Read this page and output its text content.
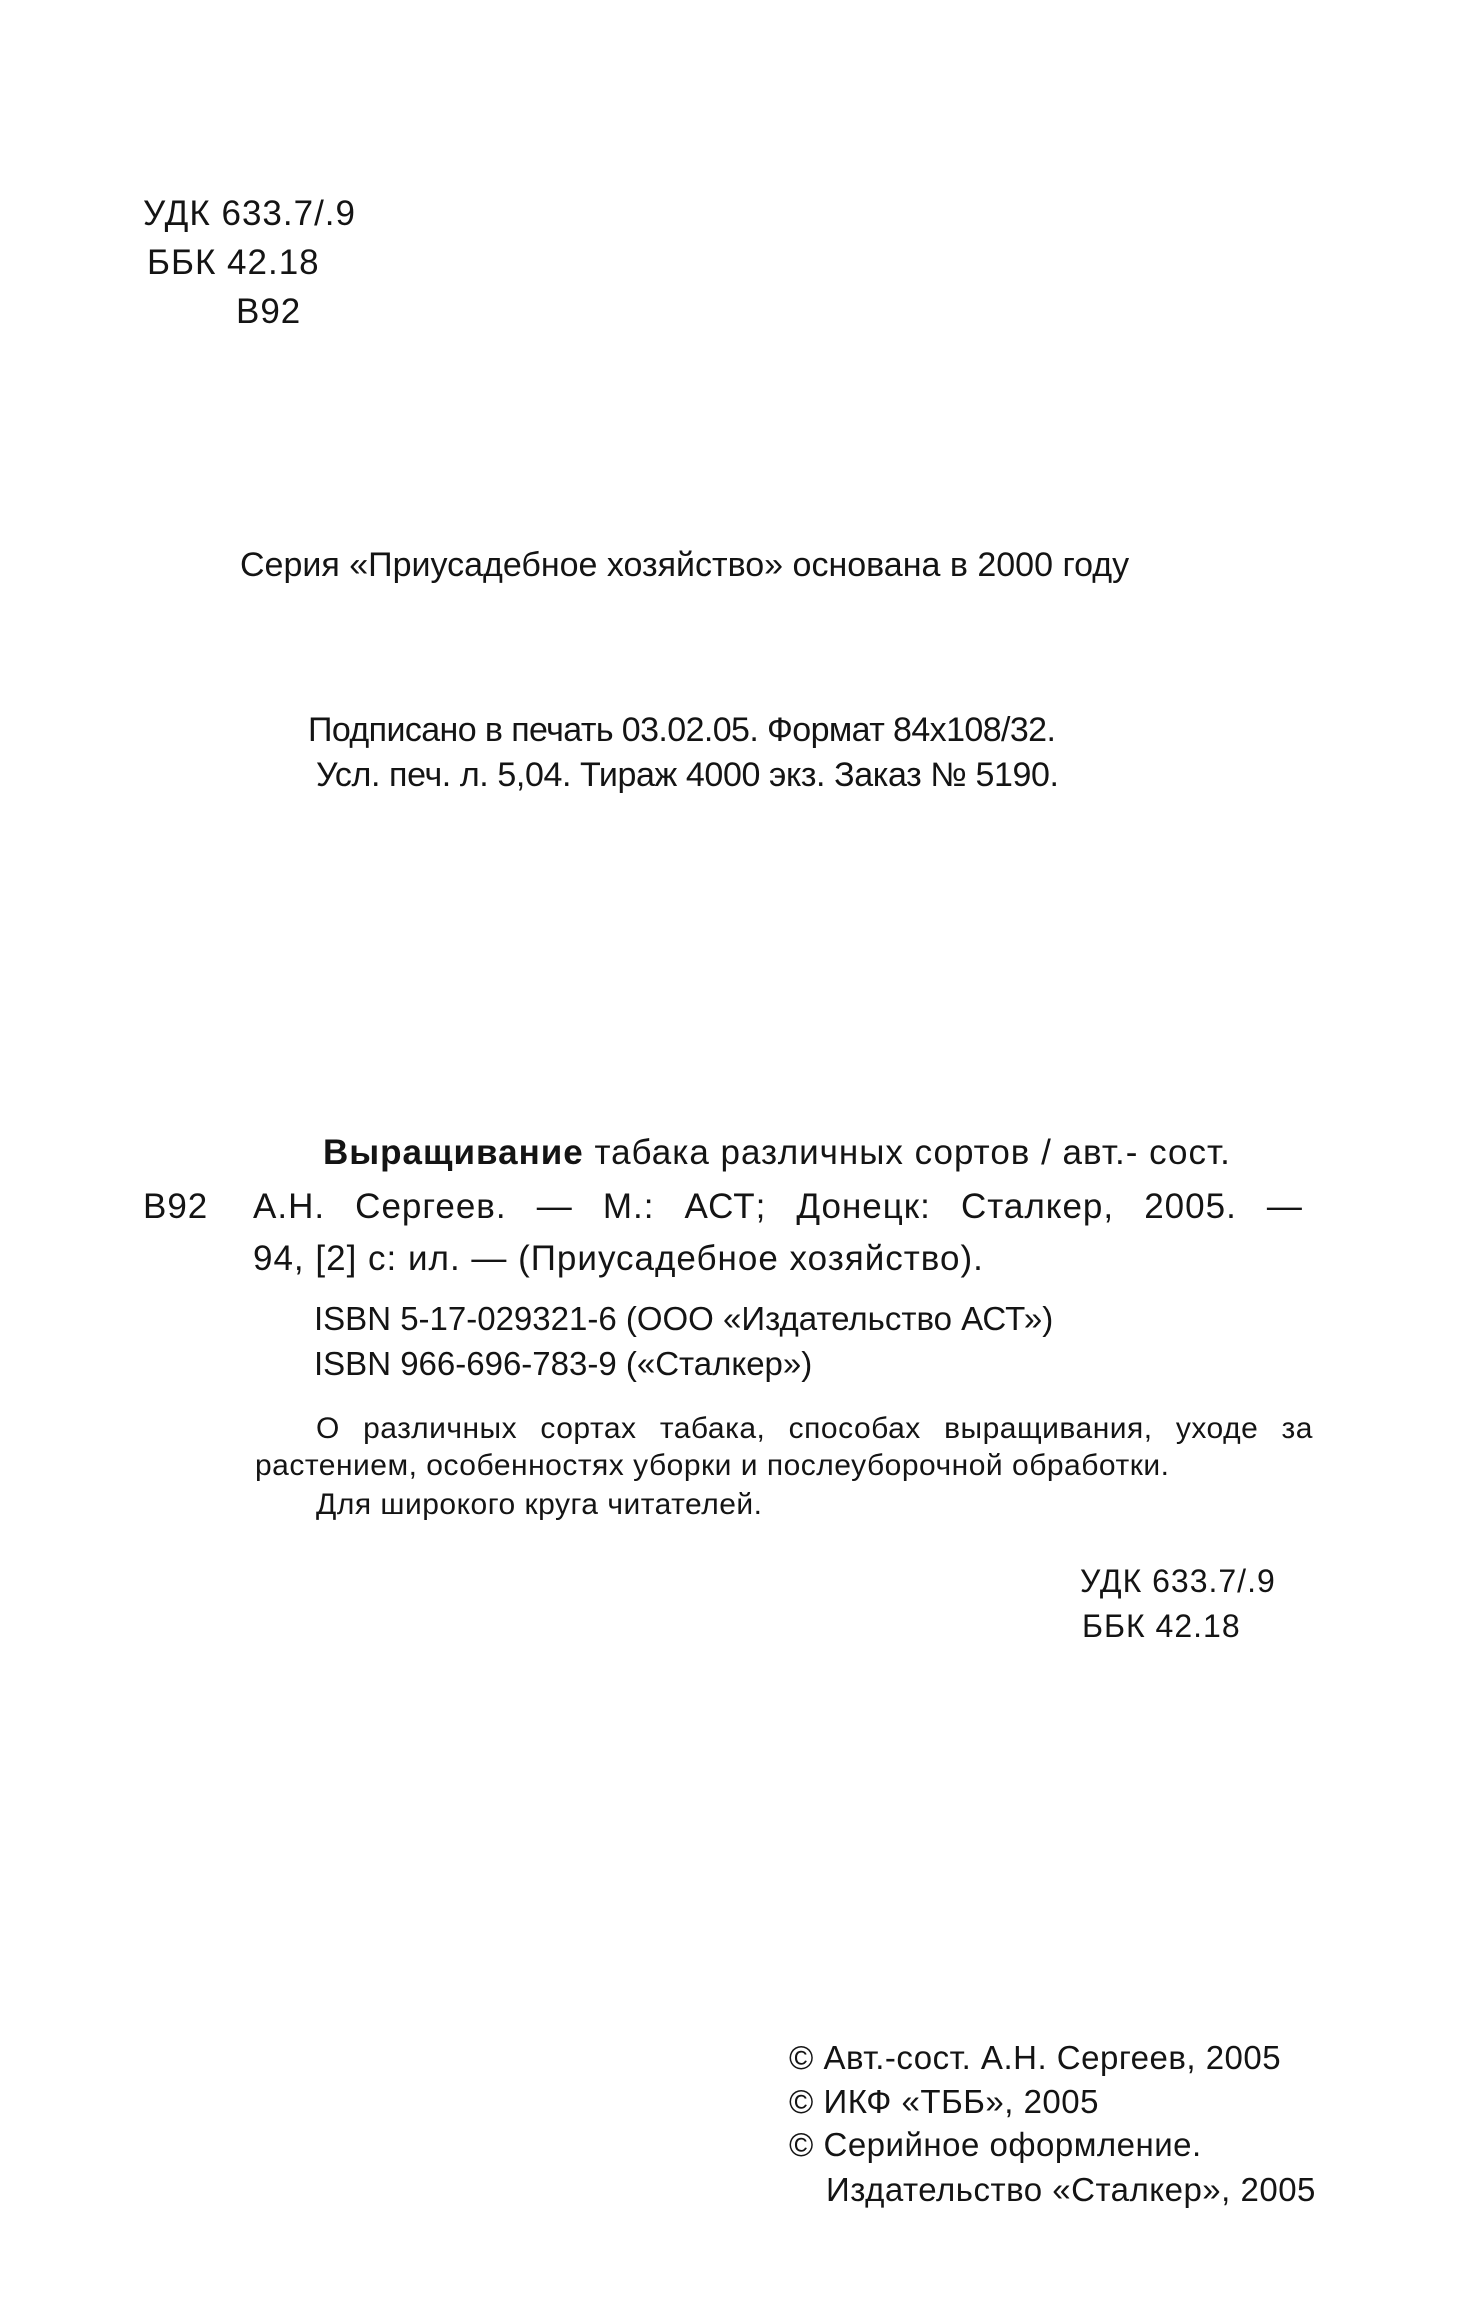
УДК 633.7/.9
ББК 42.18
В92
Серия «Приусадебное хозяйство» основана в 2000 году
Подписано в печать 03.02.05. Формат 84x108/32.
Усл. печ. л. 5,04. Тираж 4000 экз. Заказ № 5190.
Выращивание табака различных сортов / авт.- сост.
В92 А.Н. Сергеев. — М.: АСТ; Донецк: Сталкер, 2005. —
94, [2] с: ил. — (Приусадебное хозяйство).
ISBN 5-17-029321-6 (ООО «Издательство АСТ»)
ISBN 966-696-783-9 («Сталкер»)
О различных сортах табака, способах выращивания, уходе за
растением, особенностях уборки и послеуборочной обработки.
Для широкого круга читателей.
УДК 633.7/.9
ББК 42.18
© Авт.-сост. А.Н. Сергеев, 2005
© ИКФ «ТББ», 2005
© Серийное оформление.
Издательство «Сталкер», 2005
